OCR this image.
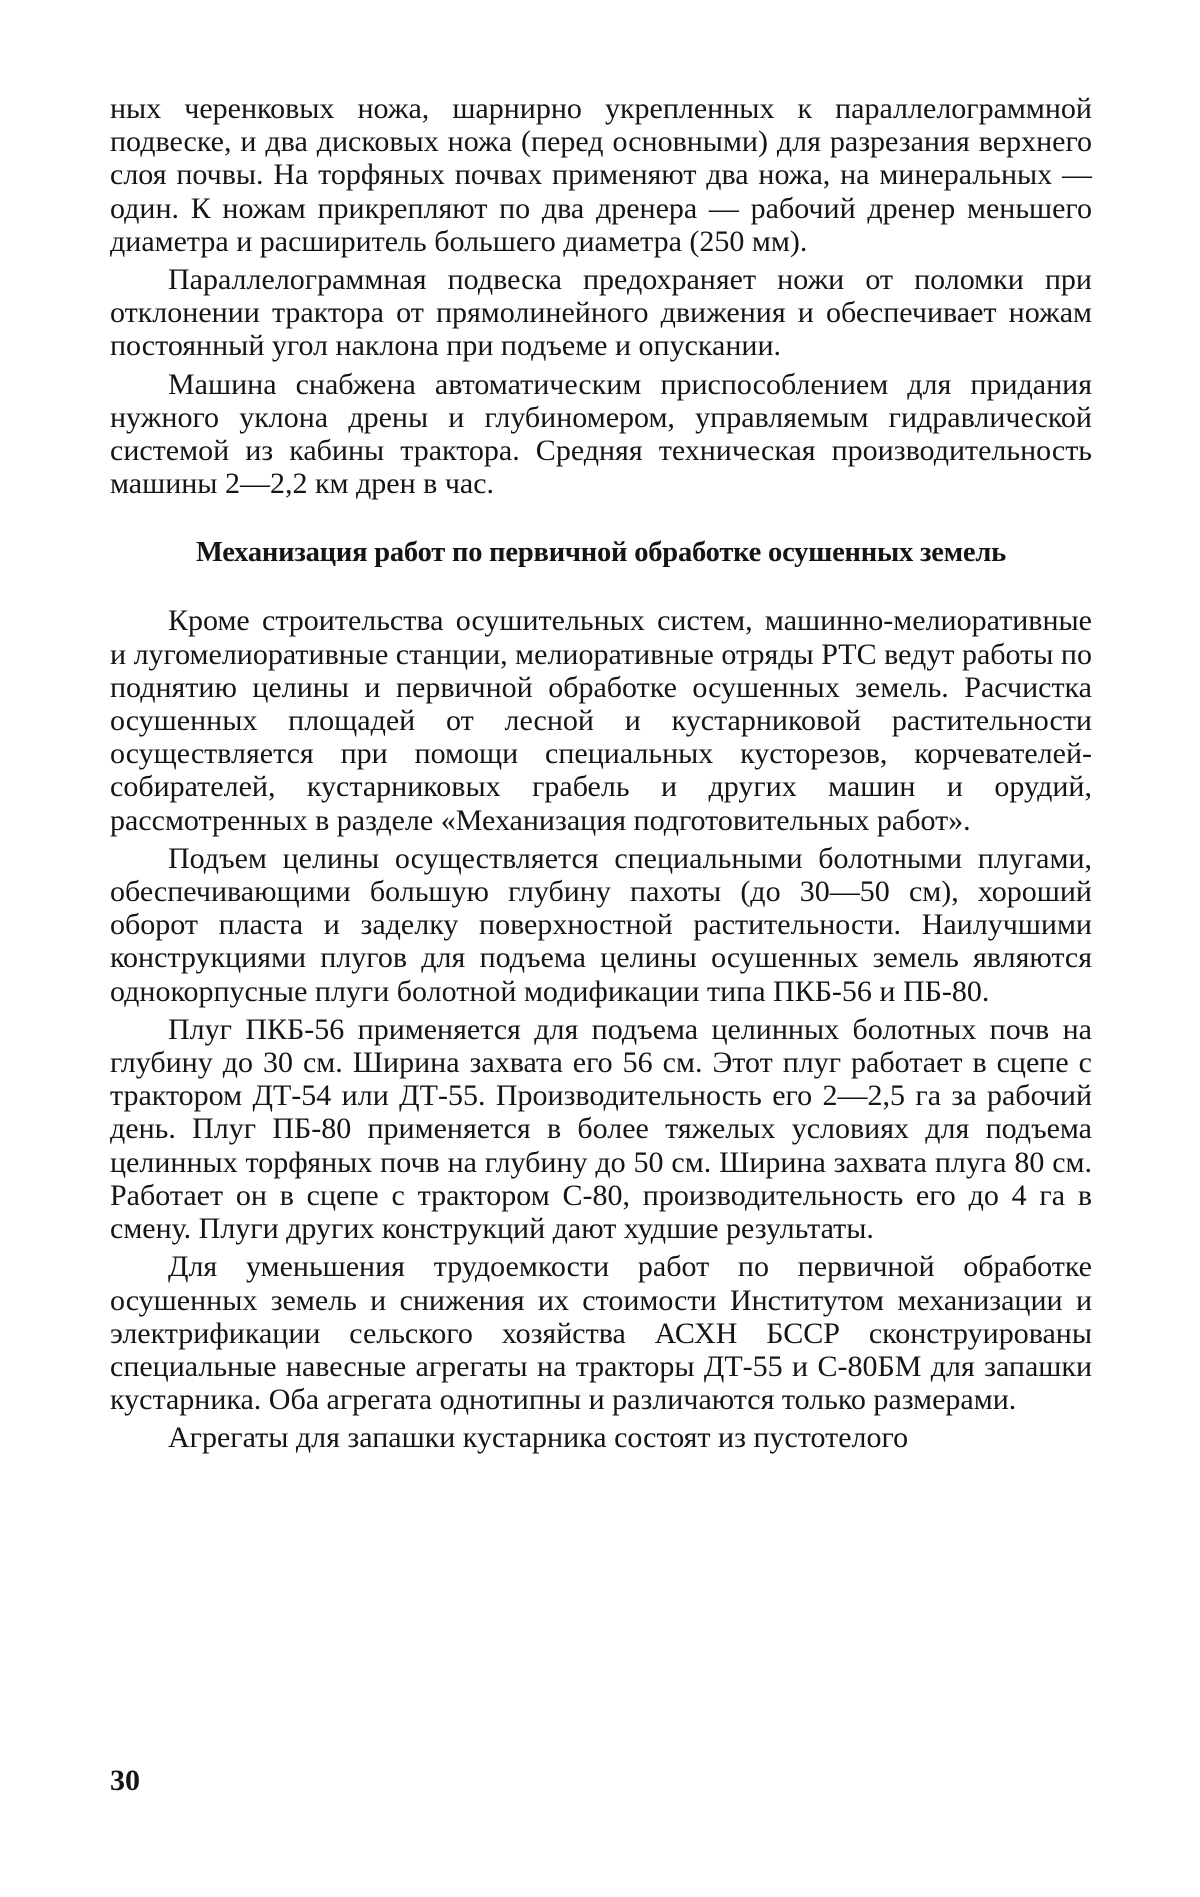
ных черенковых ножа, шарнирно укрепленных к параллелограммной подвеске, и два дисковых ножа (перед основными) для разрезания верхнего слоя почвы. На торфяных почвах применяют два ножа, на минеральных — один. К ножам прикрепляют по два дренера — рабочий дренер меньшего диаметра и расширитель большего диаметра (250 мм).

Параллелограммная подвеска предохраняет ножи от поломки при отклонении трактора от прямолинейного движения и обеспечивает ножам постоянный угол наклона при подъеме и опускании.

Машина снабжена автоматическим приспособлением для придания нужного уклона дрены и глубиномером, управляемым гидравлической системой из кабины трактора. Средняя техническая производительность машины 2—2,2 км дрен в час.

Механизация работ по первичной обработке осушенных земель

Кроме строительства осушительных систем, машинно-мелиоративные и лугомелиоративные станции, мелиоративные отряды РТС ведут работы по поднятию целины и первичной обработке осушенных земель. Расчистка осушенных площадей от лесной и кустарниковой растительности осуществляется при помощи специальных кусторезов, корчевателей-собирателей, кустарниковых грабель и других машин и орудий, рассмотренных в разделе «Механизация подготовительных работ».

Подъем целины осуществляется специальными болотными плугами, обеспечивающими большую глубину пахоты (до 30—50 см), хороший оборот пласта и заделку поверхностной растительности. Наилучшими конструкциями плугов для подъема целины осушенных земель являются однокорпусные плуги болотной модификации типа ПКБ-56 и ПБ-80.

Плуг ПКБ-56 применяется для подъема целинных болотных почв на глубину до 30 см. Ширина захвата его 56 см. Этот плуг работает в сцепе с трактором ДТ-54 или ДТ-55. Производительность его 2—2,5 га за рабочий день. Плуг ПБ-80 применяется в более тяжелых условиях для подъема целинных торфяных почв на глубину до 50 см. Ширина захвата плуга 80 см. Работает он в сцепе с трактором С-80, производительность его до 4 га в смену. Плуги других конструкций дают худшие результаты.

Для уменьшения трудоемкости работ по первичной обработке осушенных земель и снижения их стоимости Институтом механизации и электрификации сельского хозяйства АСХН БССР сконструированы специальные навесные агрегаты на тракторы ДТ-55 и С-80БМ для запашки кустарника. Оба агрегата однотипны и различаются только размерами.

Агрегаты для запашки кустарника состоят из пустотелого

30
